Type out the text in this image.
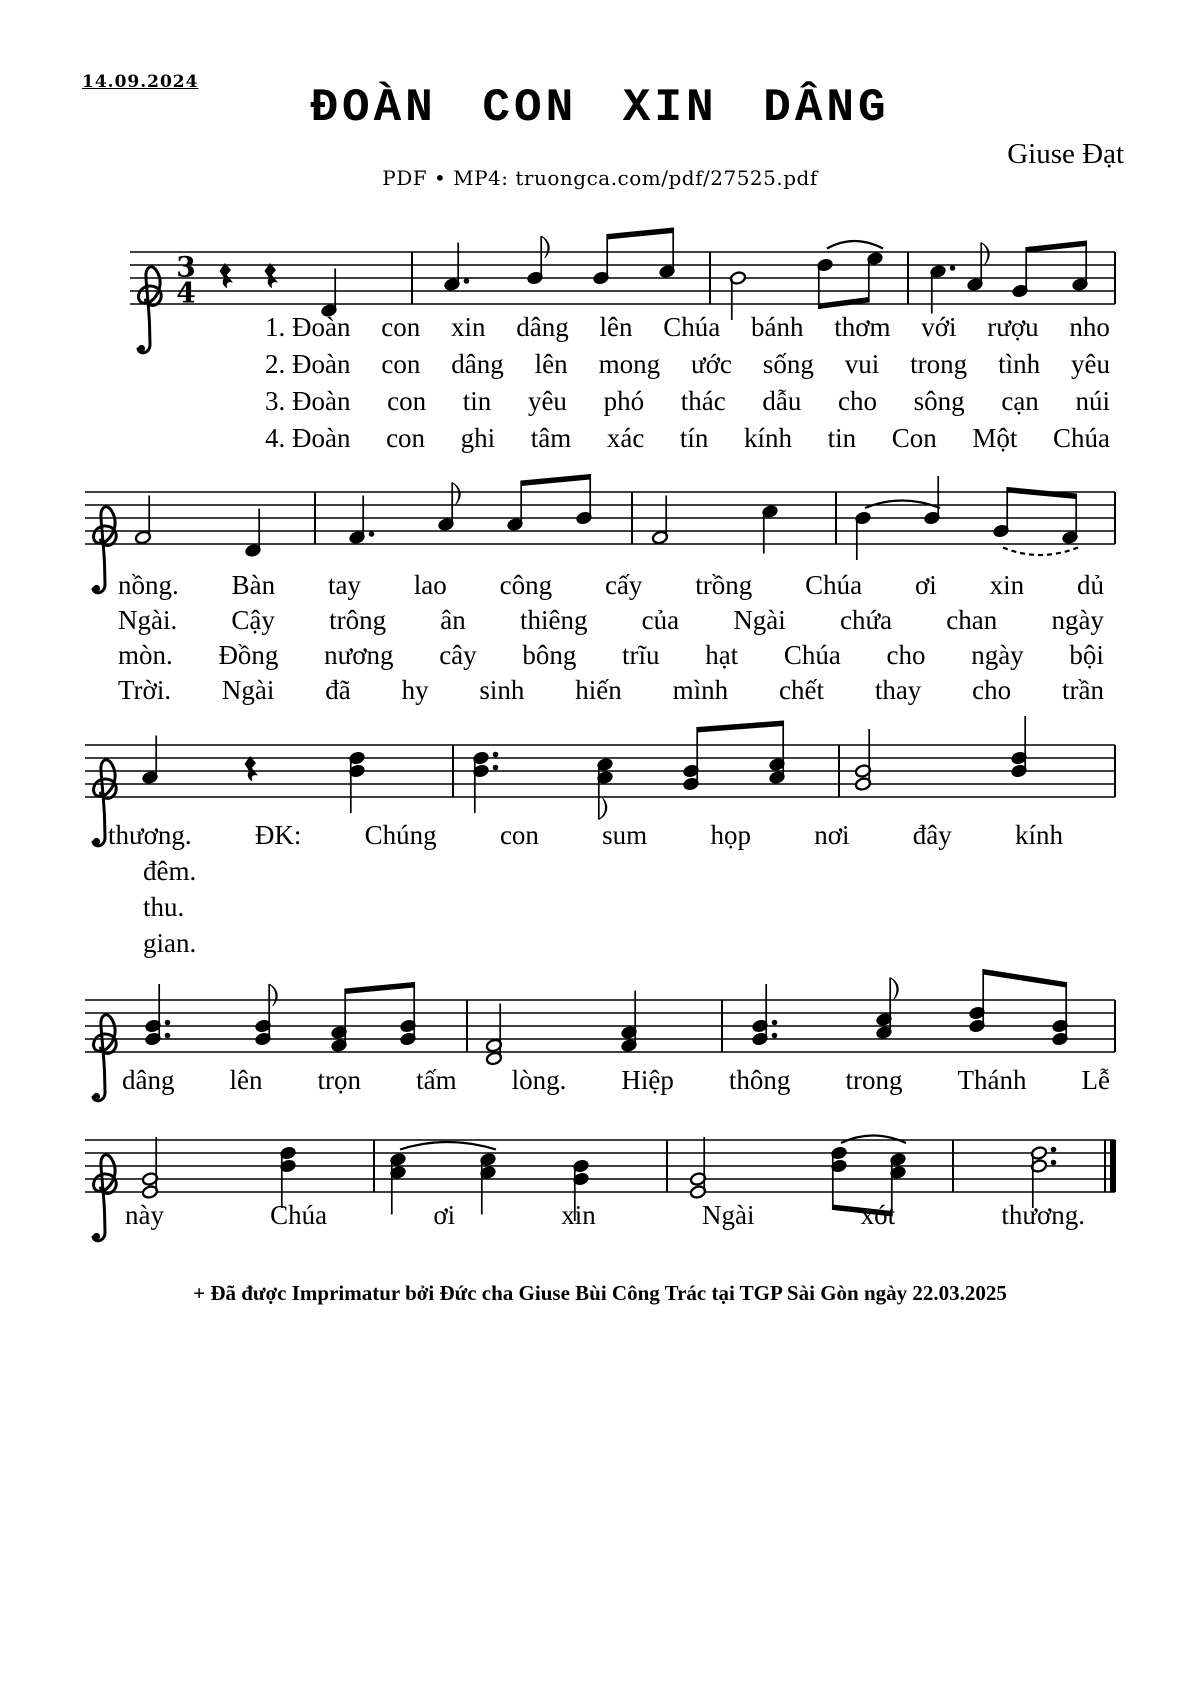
14.09.2024	ĐOÀN CON XIN DÂNG
Giuse Đạt
PDF • MP4: truongca.com/pdf/27525.pdf
3
4
1. Đoàn con xin dâng lên Chúa bánh thơm với rượu nho
2. Đoàn con dâng lên mong ước sống vui trong tình yêu
3. Đoàn con tin yêu phó thác dẫu cho sông cạn núi
4. Đoàn con ghi tâm xác tín kính tin Con Một Chúa
nồng. Bàn tay lao công cấy trồng Chúa ơi xin dủ
Ngài. Cậy trông ân thiêng của Ngài chứa chan ngày
mòn. Đồng nương cây bông trĩu hạt Chúa cho ngày bội
Trời. Ngài đã hy sinh hiến mình chết thay cho trần
thương. ĐK: Chúng con sum họp nơi đây kính
đêm.
thu.
gian.
dâng lên trọn tấm lòng. Hiệp thông trong Thánh Lễ
này	Chúa	ơi	xin	Ngài	xót	thương.
+ Đã được Imprimatur bởi Đức cha Giuse Bùi Công Trác tại TGP Sài Gòn ngày 22.03.2025
